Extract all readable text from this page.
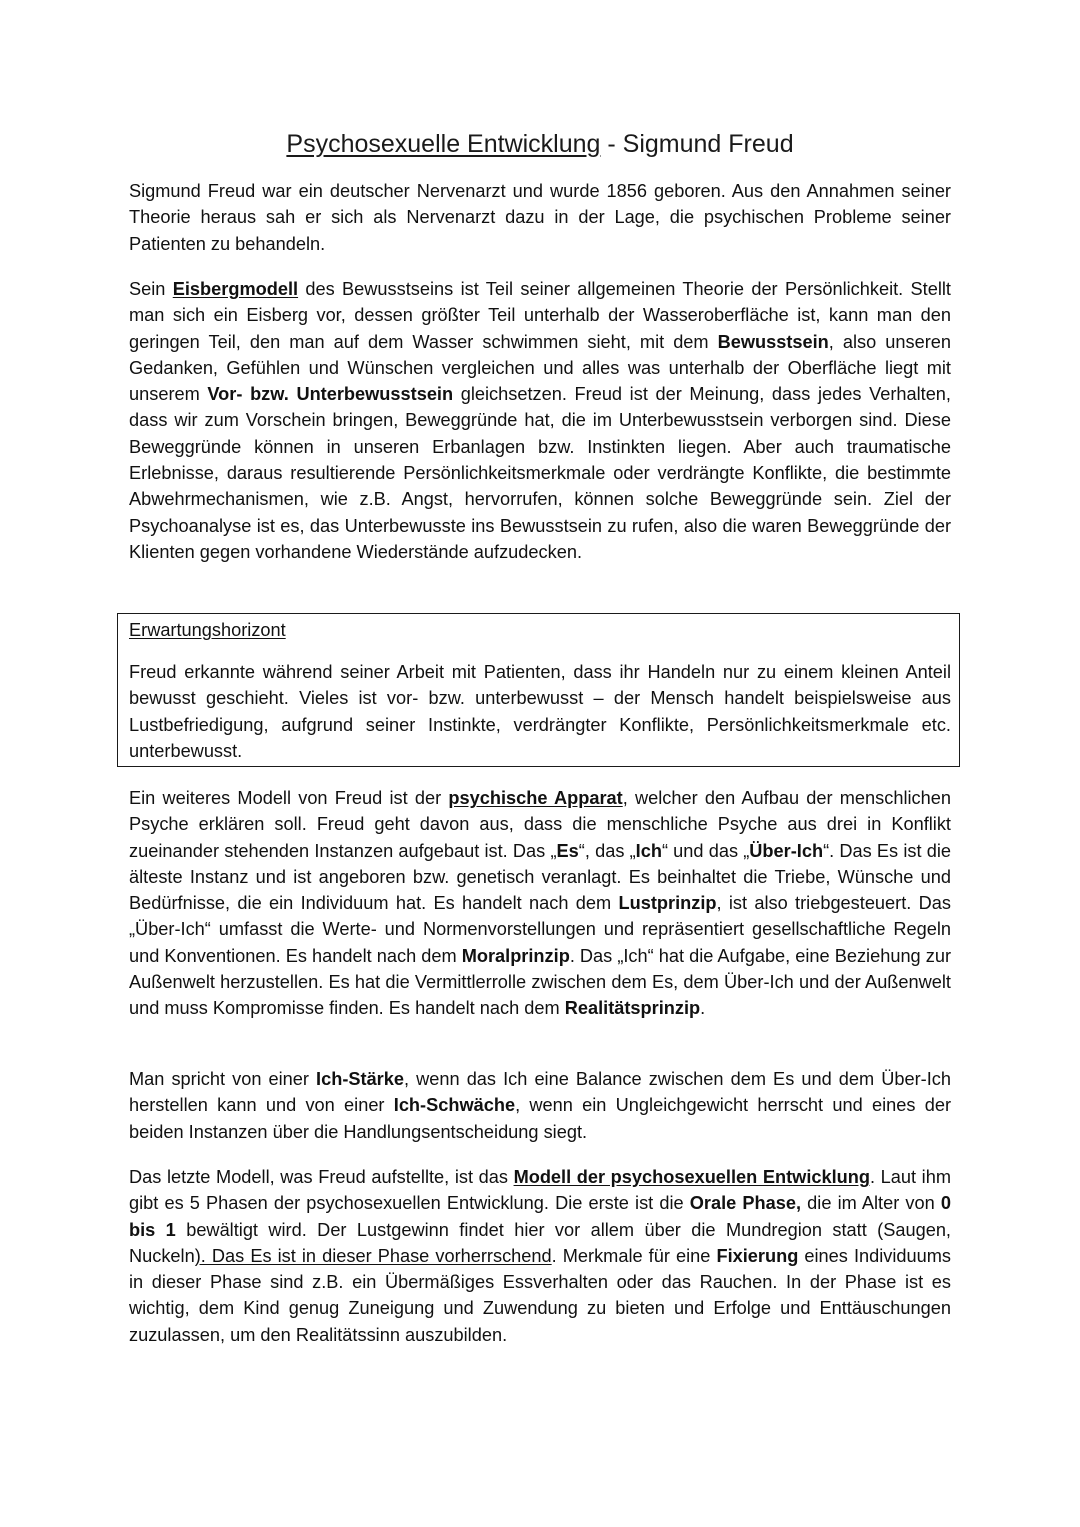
Psychosexuelle Entwicklung - Sigmund Freud

Sigmund Freud war ein deutscher Nervenarzt und wurde 1856 geboren. Aus den Annahmen seiner Theorie heraus sah er sich als Nervenarzt dazu in der Lage, die psychischen Probleme seiner Patienten zu behandeln.

Sein Eisbergmodell des Bewusstseins ist Teil seiner allgemeinen Theorie der Persönlichkeit. Stellt man sich ein Eisberg vor, dessen größter Teil unterhalb der Wasseroberfläche ist, kann man den geringen Teil, den man auf dem Wasser schwimmen sieht, mit dem Bewusstsein, also unseren Gedanken, Gefühlen und Wünschen vergleichen und alles was unterhalb der Oberfläche liegt mit unserem Vor- bzw. Unterbewusstsein gleichsetzen. Freud ist der Meinung, dass jedes Verhalten, dass wir zum Vorschein bringen, Beweggründe hat, die im Unterbewusstsein verborgen sind. Diese Beweggründe können in unseren Erbanlagen bzw. Instinkten liegen. Aber auch traumatische Erlebnisse, daraus resultierende Persönlichkeitsmerkmale oder verdrängte Konflikte, die bestimmte Abwehrmechanismen, wie z.B. Angst, hervorrufen, können solche Beweggründe sein. Ziel der Psychoanalyse ist es, das Unterbewusste ins Bewusstsein zu rufen, also die waren Beweggründe der Klienten gegen vorhandene Wiederstände aufzudecken.

Erwartungshorizont

Freud erkannte während seiner Arbeit mit Patienten, dass ihr Handeln nur zu einem kleinen Anteil bewusst geschieht. Vieles ist vor- bzw. unterbewusst – der Mensch handelt beispielsweise aus Lustbefriedigung, aufgrund seiner Instinkte, verdrängter Konflikte, Persönlichkeitsmerkmale etc. unterbewusst.

Ein weiteres Modell von Freud ist der psychische Apparat, welcher den Aufbau der menschlichen Psyche erklären soll. Freud geht davon aus, dass die menschliche Psyche aus drei in Konflikt zueinander stehenden Instanzen aufgebaut ist. Das „Es“, das „Ich“ und das „Über-Ich“. Das Es ist die älteste Instanz und ist angeboren bzw. genetisch veranlagt. Es beinhaltet die Triebe, Wünsche und Bedürfnisse, die ein Individuum hat. Es handelt nach dem Lustprinzip, ist also triebgesteuert. Das „Über-Ich“ umfasst die Werte- und Normenvorstellungen und repräsentiert gesellschaftliche Regeln und Konventionen. Es handelt nach dem Moralprinzip. Das „Ich“ hat die Aufgabe, eine Beziehung zur Außenwelt herzustellen. Es hat die Vermittlerrolle zwischen dem Es, dem Über-Ich und der Außenwelt und muss Kompromisse finden. Es handelt nach dem Realitätsprinzip.

Man spricht von einer Ich-Stärke, wenn das Ich eine Balance zwischen dem Es und dem Über-Ich herstellen kann und von einer Ich-Schwäche, wenn ein Ungleichgewicht herrscht und eines der beiden Instanzen über die Handlungsentscheidung siegt.

Das letzte Modell, was Freud aufstellte, ist das Modell der psychosexuellen Entwicklung. Laut ihm gibt es 5 Phasen der psychosexuellen Entwicklung. Die erste ist die Orale Phase, die im Alter von 0 bis 1 bewältigt wird. Der Lustgewinn findet hier vor allem über die Mundregion statt (Saugen, Nuckeln). Das Es ist in dieser Phase vorherrschend. Merkmale für eine Fixierung eines Individuums in dieser Phase sind z.B. ein Übermäßiges Essverhalten oder das Rauchen. In der Phase ist es wichtig, dem Kind genug Zuneigung und Zuwendung zu bieten und Erfolge und Enttäuschungen zuzulassen, um den Realitätssinn auszubilden.
